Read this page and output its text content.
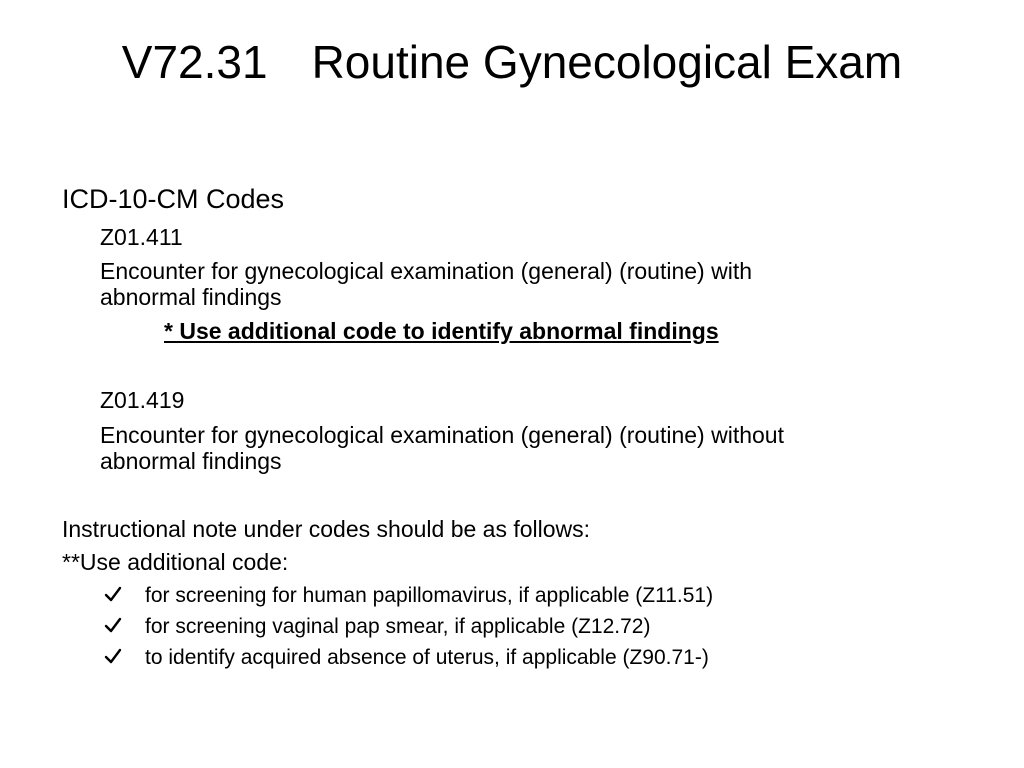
V72.31 Routine Gynecological Exam
ICD-10-CM Codes
Z01.411
Encounter for gynecological examination (general) (routine) with
abnormal findings
* Use additional code to identify abnormal findings
Z01.419
Encounter for gynecological examination (general) (routine) without
abnormal findings
Instructional note under codes should be as follows:
**Use additional code:
for screening for human papillomavirus, if applicable (Z11.51)
for screening vaginal pap smear, if applicable (Z12.72)
to identify acquired absence of uterus, if applicable (Z90.71-)
